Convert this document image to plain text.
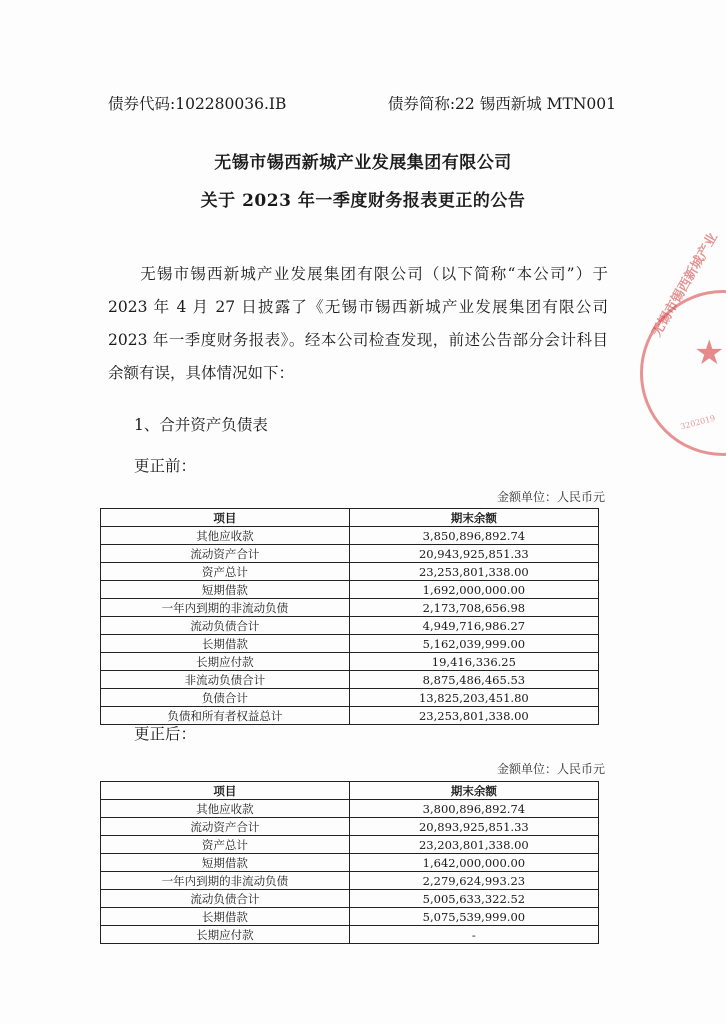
债券代码:102280036.IB	债券简称:22 锡西新城 MTN001
无锡市锡西新城产业发展集团有限公司
关于 2023 年一季度财务报表更正的公告
无锡市锡西新城产业发展集团有限公司（以下简称“本公司”）于 2023 年 4 月 27 日披露了《无锡市锡西新城产业发展集团有限公司 2023 年一季度财务报表》。经本公司检查发现，前述公告部分会计科目余额有误，具体情况如下：
1、合并资产负债表
更正前：
金额单位：人民币元
项目	期末余额
其他应收款	3,850,896,892.74
流动资产合计	20,943,925,851.33
资产总计	23,253,801,338.00
短期借款	1,692,000,000.00
一年内到期的非流动负债	2,173,708,656.98
流动负债合计	4,949,716,986.27
长期借款	5,162,039,999.00
长期应付款	19,416,336.25
非流动负债合计	8,875,486,465.53
负债合计	13,825,203,451.80
负债和所有者权益总计	23,253,801,338.00
更正后：
金额单位：人民币元
项目	期末余额
其他应收款	3,800,896,892.74
流动资产合计	20,893,925,851.33
资产总计	23,203,801,338.00
短期借款	1,642,000,000.00
一年内到期的非流动负债	2,279,624,993.23
流动负债合计	5,005,633,322.52
长期借款	5,075,539,999.00
长期应付款	-
无锡市锡西新城产业
★
3202019
